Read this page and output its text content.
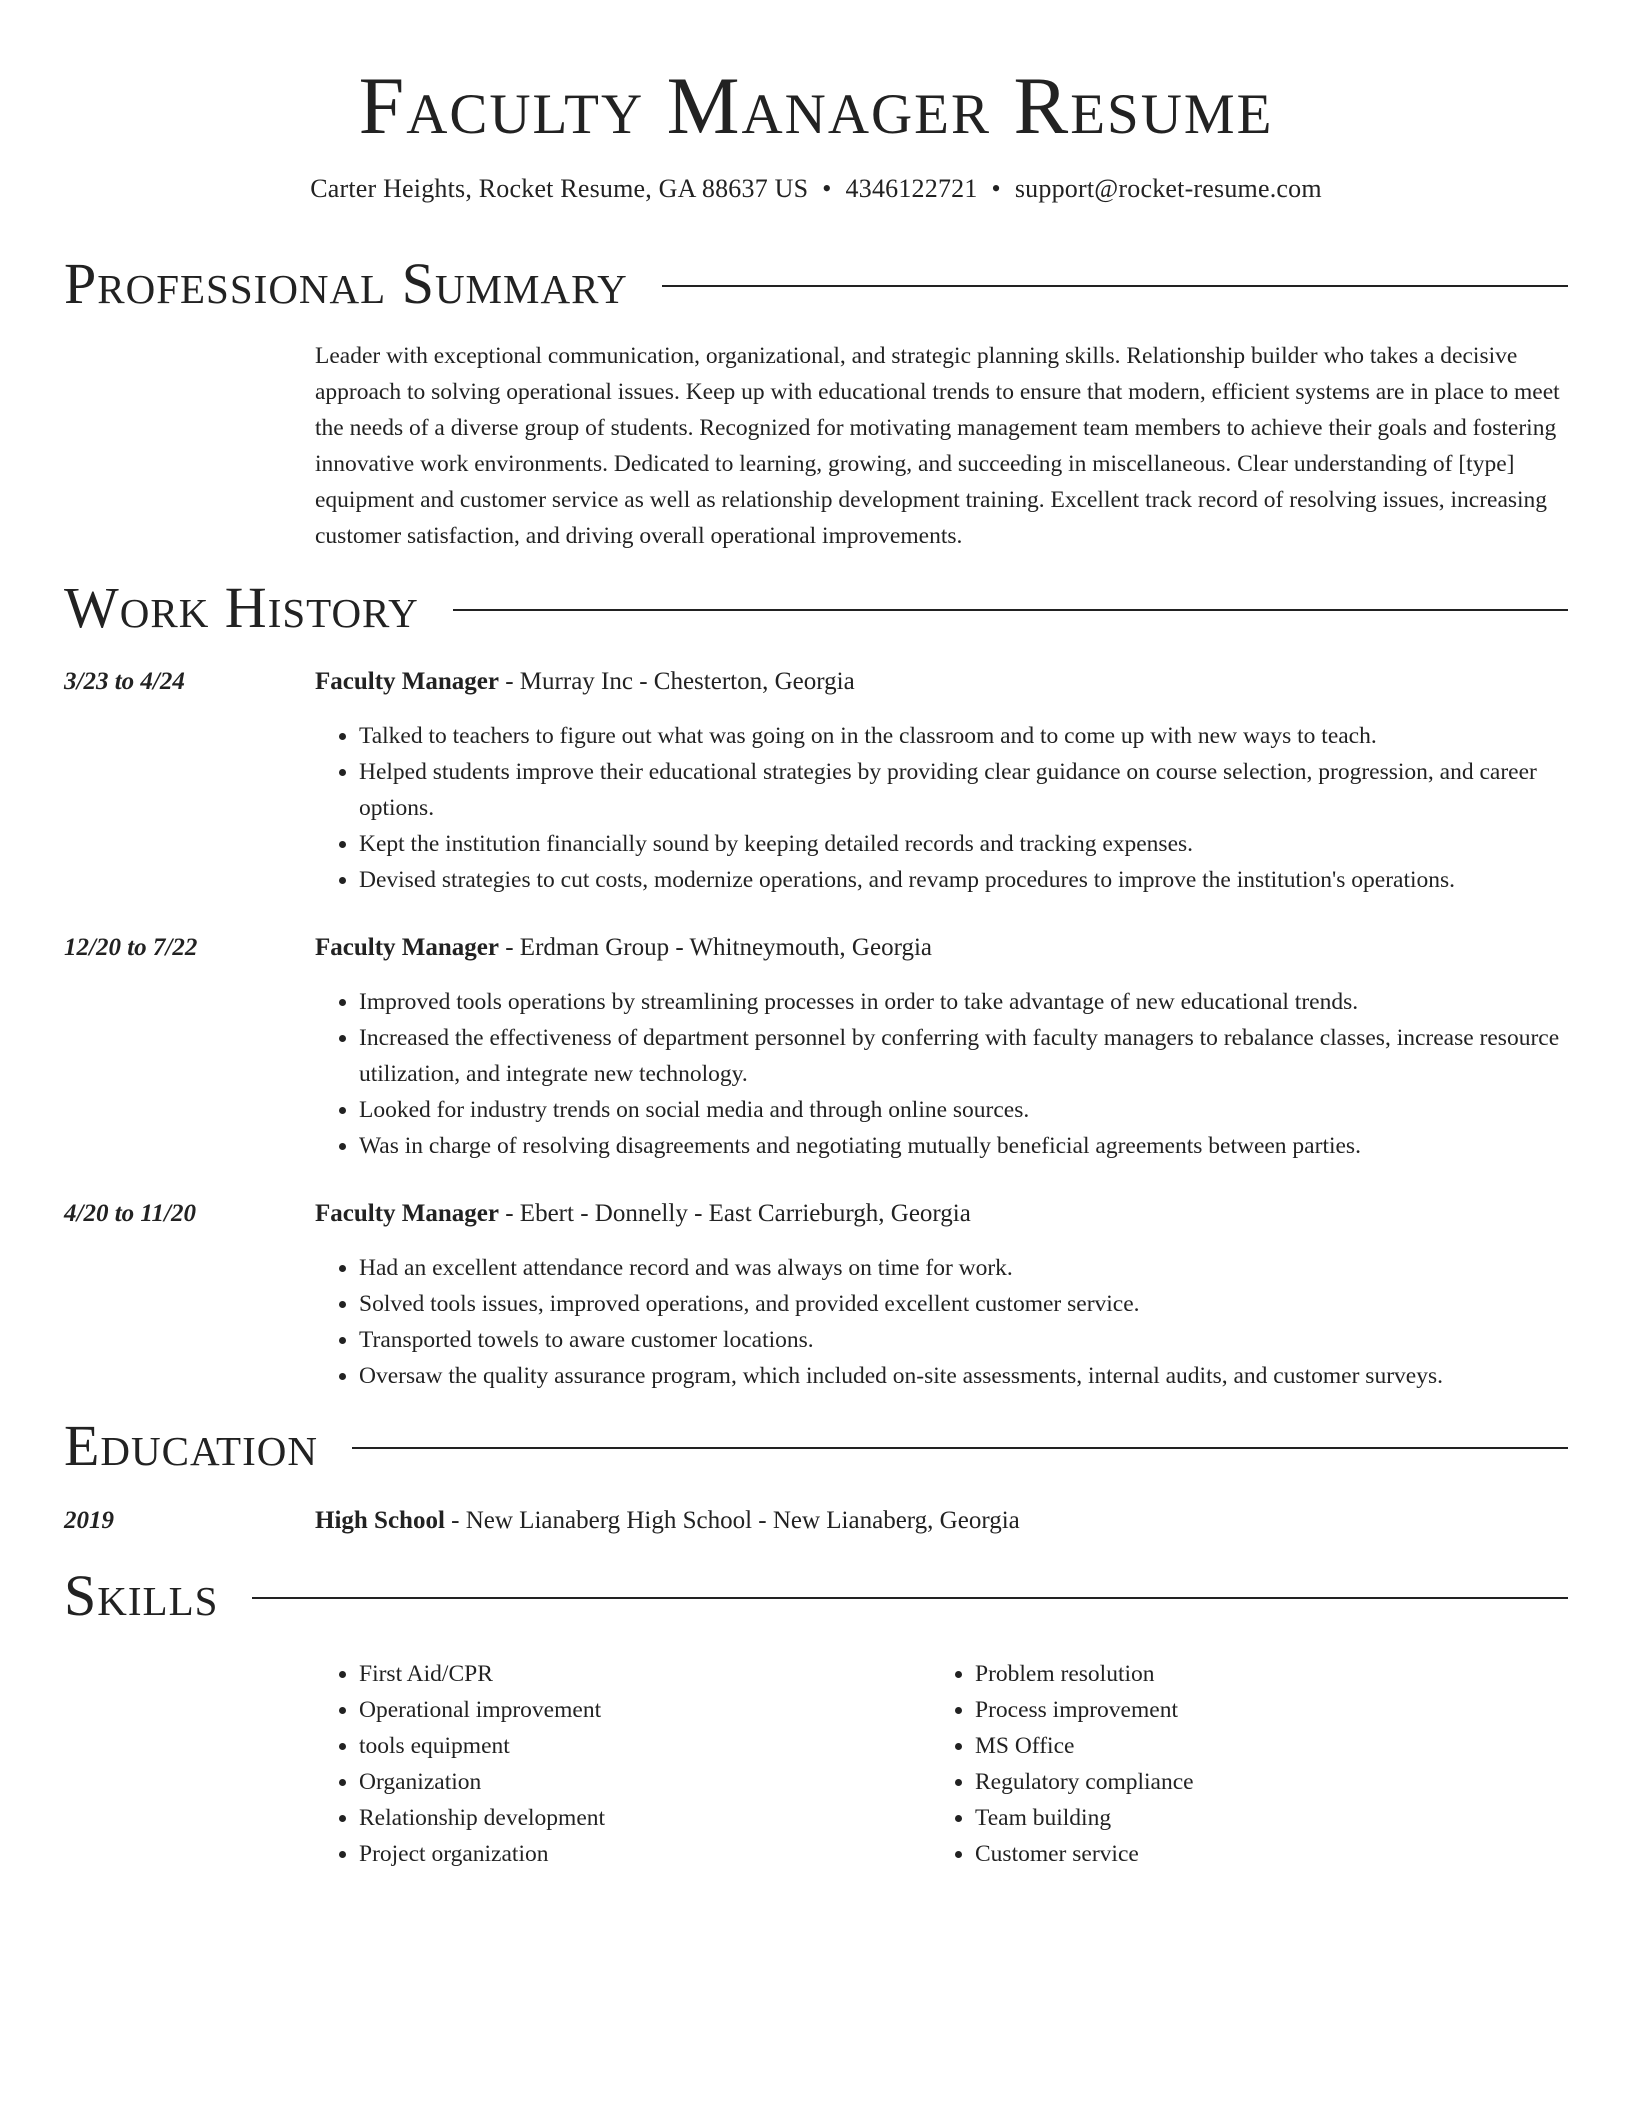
Faculty Manager Resume

Carter Heights, Rocket Resume, GA 88637 US • 4346122721 • support@rocket-resume.com

Professional Summary

Leader with exceptional communication, organizational, and strategic planning skills. Relationship builder who takes a decisive approach to solving operational issues. Keep up with educational trends to ensure that modern, efficient systems are in place to meet the needs of a diverse group of students. Recognized for motivating management team members to achieve their goals and fostering innovative work environments. Dedicated to learning, growing, and succeeding in miscellaneous. Clear understanding of [type] equipment and customer service as well as relationship development training. Excellent track record of resolving issues, increasing customer satisfaction, and driving overall operational improvements.

Work History
3/23 to 4/24	Faculty Manager - Murray Inc - Chesterton, Georgia
• Talked to teachers to figure out what was going on in the classroom and to come up with new ways to teach.
• Helped students improve their educational strategies by providing clear guidance on course selection, progression, and career options.
• Kept the institution financially sound by keeping detailed records and tracking expenses.
• Devised strategies to cut costs, modernize operations, and revamp procedures to improve the institution's operations.
12/20 to 7/22	Faculty Manager - Erdman Group - Whitneymouth, Georgia
• Improved tools operations by streamlining processes in order to take advantage of new educational trends.
• Increased the effectiveness of department personnel by conferring with faculty managers to rebalance classes, increase resource utilization, and integrate new technology.
• Looked for industry trends on social media and through online sources.
• Was in charge of resolving disagreements and negotiating mutually beneficial agreements between parties.
4/20 to 11/20	Faculty Manager - Ebert - Donnelly - East Carrieburgh, Georgia
• Had an excellent attendance record and was always on time for work.
• Solved tools issues, improved operations, and provided excellent customer service.
• Transported towels to aware customer locations.
• Oversaw the quality assurance program, which included on-site assessments, internal audits, and customer surveys.
Education
2019	High School - New Lianaberg High School - New Lianaberg, Georgia
Skills
• First Aid/CPR
• Operational improvement
• tools equipment
• Organization
• Relationship development
• Project organization
• Problem resolution
• Process improvement
• MS Office
• Regulatory compliance
• Team building
• Customer service
